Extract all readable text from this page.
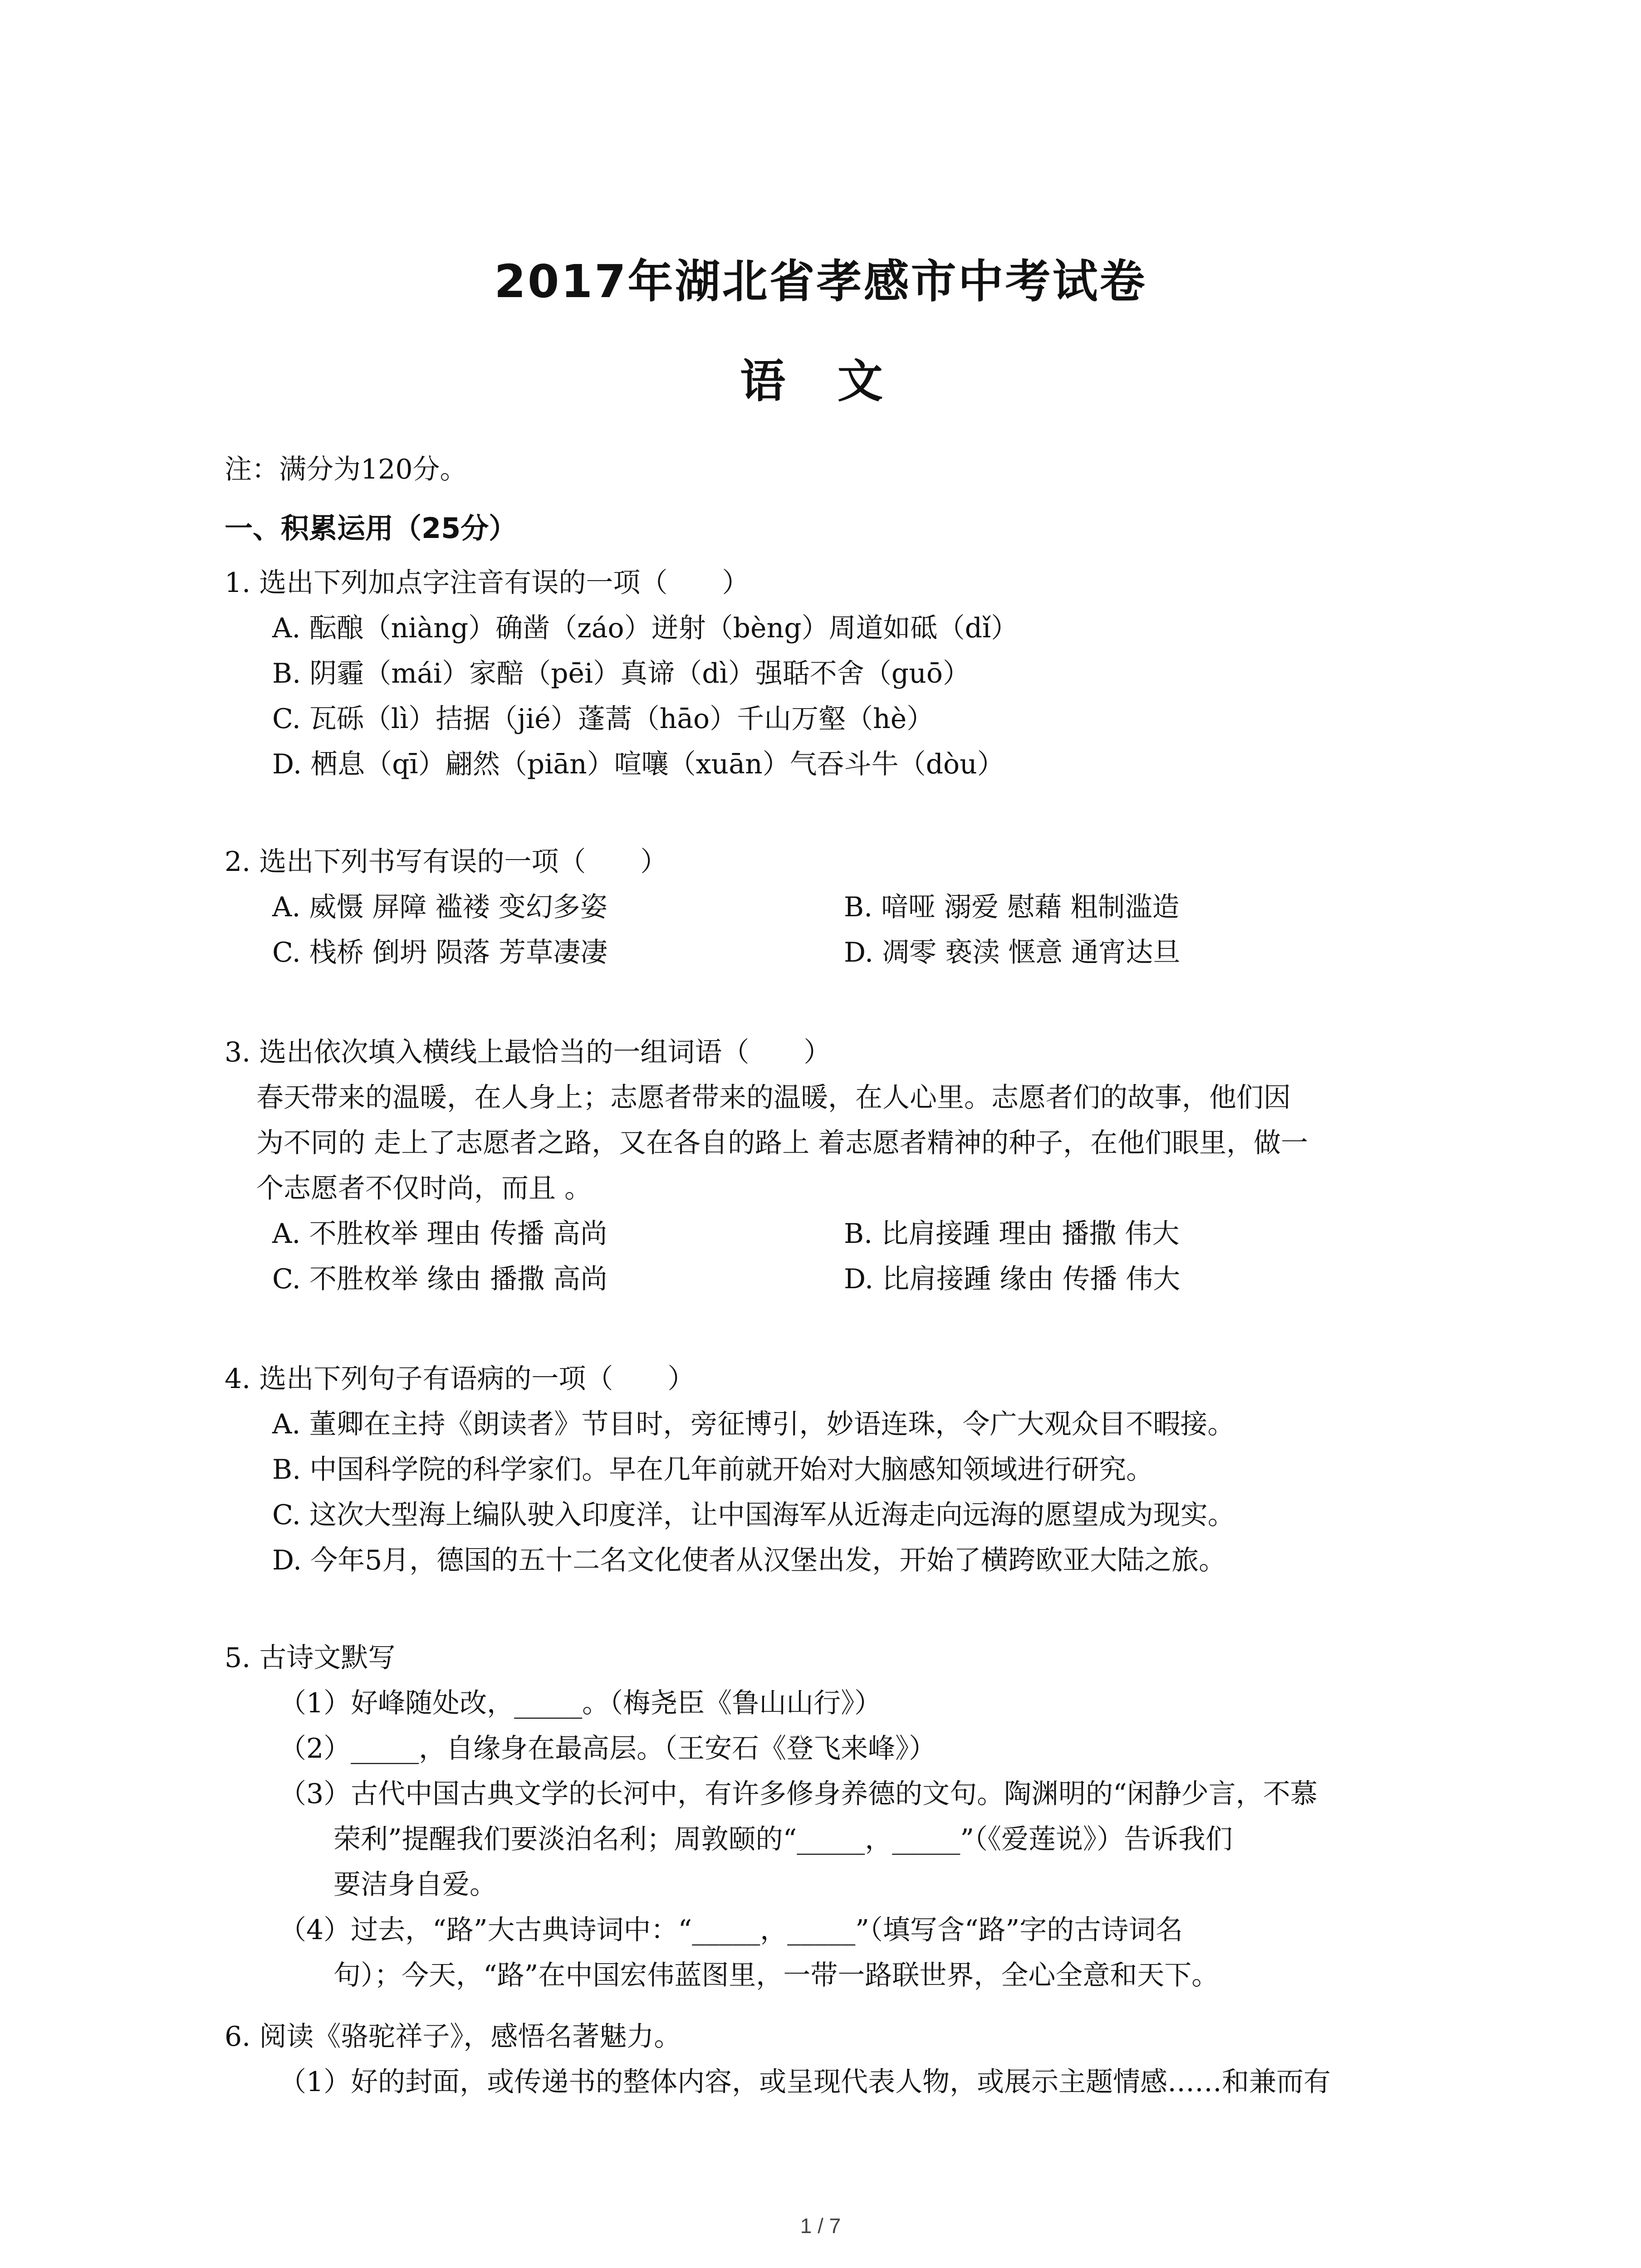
2017年湖北省孝感市中考试卷
语 文
注：满分为120分。
一、积累运用（25分）
1. 选出下列加点字注音有误的一项（　　）
A. 酝酿（niàng）确凿（záo）迸射（bèng）周道如砥（dǐ）
B. 阴霾（mái）家醅（pēi）真谛（dì）强聒不舍（guō）
C. 瓦砾（lì）拮据（jié）蓬蒿（hāo）千山万壑（hè）
D. 栖息（qī）翩然（piān）喧嚷（xuān）气吞斗牛（dòu）
2. 选出下列书写有误的一项（　　）
A. 威慑 屏障 褴褛 变幻多姿	B. 喑哑 溺爱 慰藉 粗制滥造
C. 栈桥 倒坍 陨落 芳草凄凄	D. 凋零 亵渎 惬意 通宵达旦
3. 选出依次填入横线上最恰当的一组词语（　　）
春天带来的温暖，在人身上；志愿者带来的温暖，在人心里。志愿者们的故事，他们因
为不同的 走上了志愿者之路，又在各自的路上 着志愿者精神的种子，在他们眼里，做一
个志愿者不仅时尚，而且 。
A. 不胜枚举 理由 传播 高尚	B. 比肩接踵 理由 播撒 伟大
C. 不胜枚举 缘由 播撒 高尚	D. 比肩接踵 缘由 传播 伟大
4. 选出下列句子有语病的一项（　　）
A. 董卿在主持《朗读者》节目时，旁征博引，妙语连珠，令广大观众目不暇接。
B. 中国科学院的科学家们。早在几年前就开始对大脑感知领域进行研究。
C. 这次大型海上编队驶入印度洋，让中国海军从近海走向远海的愿望成为现实。
D. 今年5月，德国的五十二名文化使者从汉堡出发，开始了横跨欧亚大陆之旅。
5. 古诗文默写
（1）好峰随处改，_____。（梅尧臣《鲁山山行》）
（2）_____，自缘身在最高层。（王安石《登飞来峰》）
（3）古代中国古典文学的长河中，有许多修身养德的文句。陶渊明的“闲静少言，不慕
荣利”提醒我们要淡泊名利；周敦颐的“_____，_____”（《爱莲说》）告诉我们
要洁身自爱。
（4）过去，“路”大古典诗词中：“_____，_____”（填写含“路”字的古诗词名
句）；今天，“路”在中国宏伟蓝图里，一带一路联世界，全心全意和天下。
6. 阅读《骆驼祥子》，感悟名著魅力。
（1）好的封面，或传递书的整体内容，或呈现代表人物，或展示主题情感……和兼而有
1 / 7
